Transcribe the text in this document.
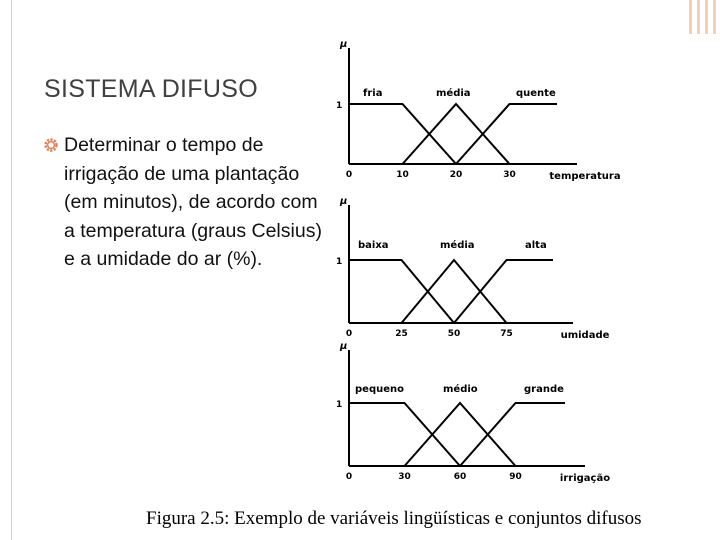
SISTEMA DIFUSO
Determinar o tempo de irrigação de uma plantação (em minutos), de acordo com a temperatura (graus Celsius) e a umidade do ar (%).
μ
1
0	10	20	30	temperatura
fria	média	quente
μ
1
0	25	50	75	umidade
baixa	média	alta
μ
1
0	30	60	90	irrigação
pequeno	médio	grande
Figura 2.5: Exemplo de variáveis lingüísticas e conjuntos difusos
